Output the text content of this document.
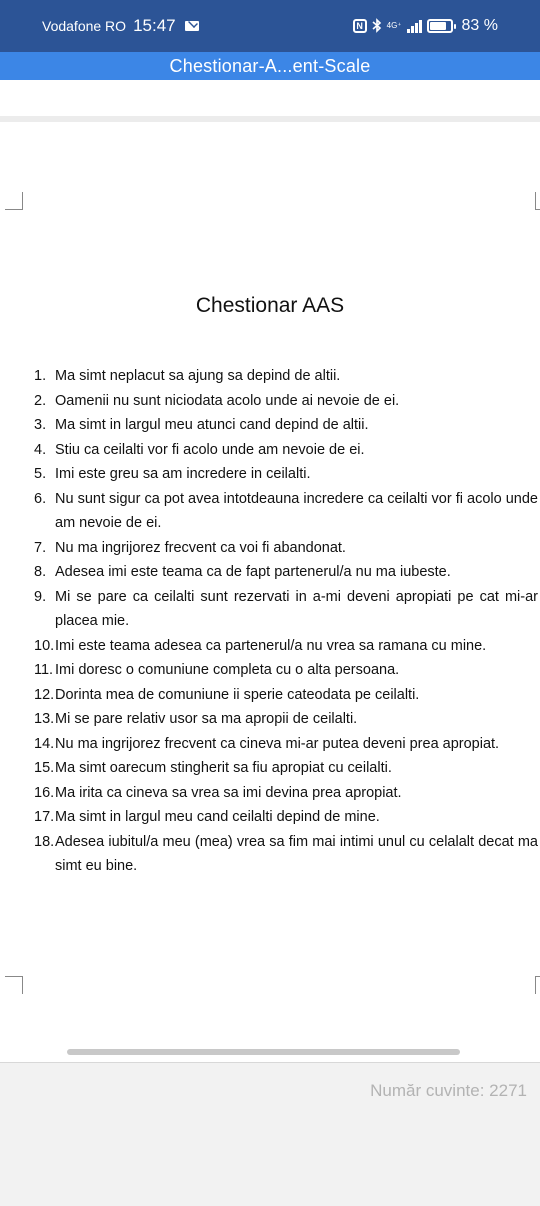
Vodafone RO 15:47	N	4G⁺	83 %
Chestionar-A...ent-Scale
Chestionar AAS
1. Ma simt neplacut sa ajung sa depind de altii.
2. Oamenii nu sunt niciodata acolo unde ai nevoie de ei.
3. Ma simt in largul meu atunci cand depind de altii.
4. Stiu ca ceilalti vor fi acolo unde am nevoie de ei.
5. Imi este greu sa am incredere in ceilalti.
6. Nu sunt sigur ca pot avea intotdeauna incredere ca ceilalti vor fi acolo unde am nevoie de ei.
7. Nu ma ingrijorez frecvent ca voi fi abandonat.
8. Adesea imi este teama ca de fapt partenerul/a nu ma iubeste.
9. Mi se pare ca ceilalti sunt rezervati in a-mi deveni apropiati pe cat mi-ar placea mie.
10. Imi este teama adesea ca partenerul/a nu vrea sa ramana cu mine.
11. Imi doresc o comuniune completa cu o alta persoana.
12. Dorinta mea de comuniune ii sperie cateodata pe ceilalti.
13. Mi se pare relativ usor sa ma apropii de ceilalti.
14. Nu ma ingrijorez frecvent ca cineva mi-ar putea deveni prea apropiat.
15. Ma simt oarecum stingherit sa fiu apropiat cu ceilalti.
16. Ma irita ca cineva sa vrea sa imi devina prea apropiat.
17. Ma simt in largul meu cand ceilalti depind de mine.
18. Adesea iubitul/a meu (mea) vrea sa fim mai intimi unul cu celalalt decat ma simt eu bine.
Număr cuvinte: 2271
